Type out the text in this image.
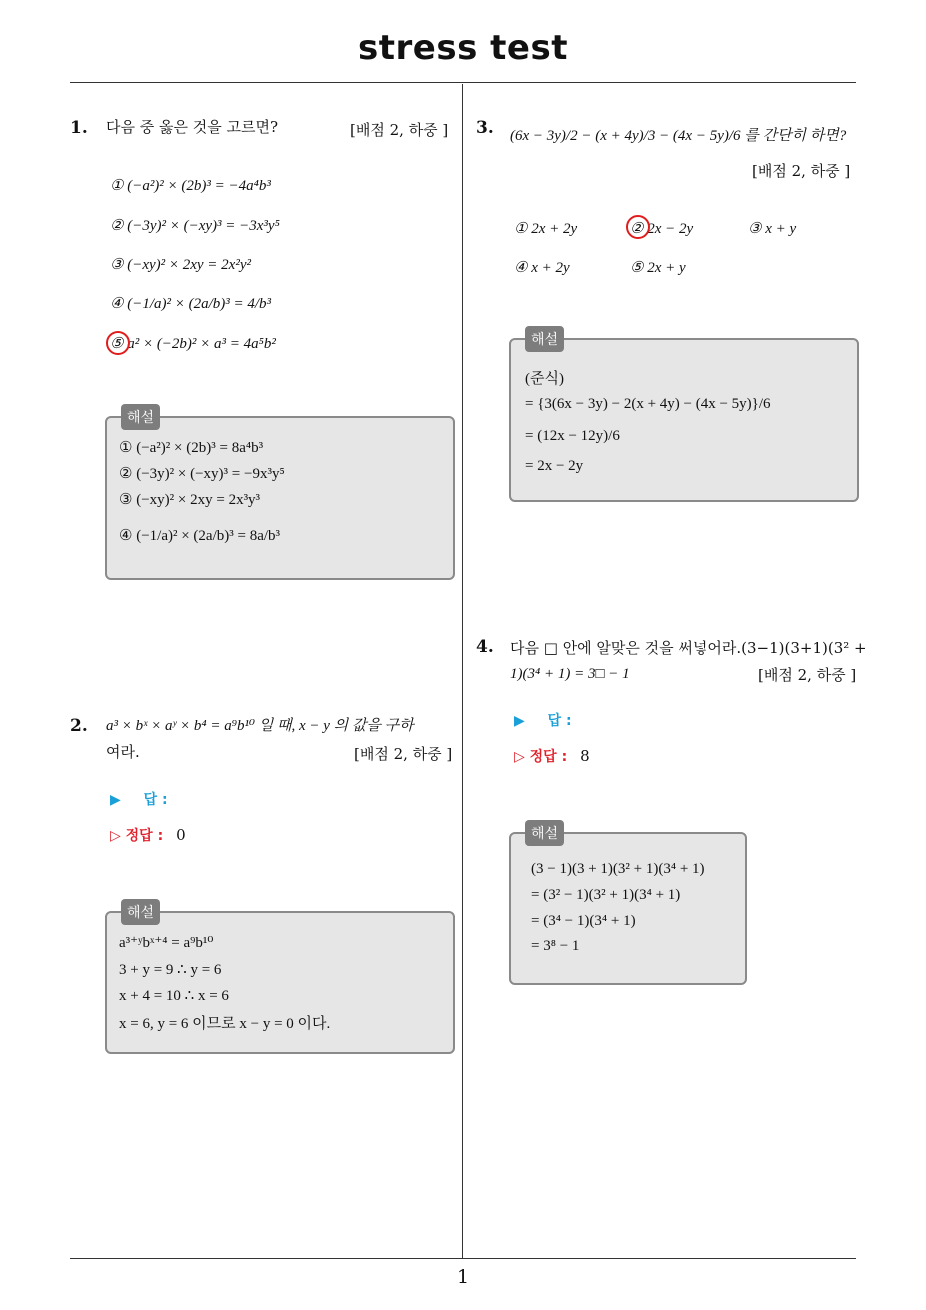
stress test
1. 다음 중 옳은 것을 고르면?	[배점 2, 하중 ]
① (−a²)² × (2b)³ = −4a⁴b³
② (−3y)² × (−xy)³ = −3x³y⁵
③ (−xy)² × 2xy = 2x²y²
④ (−1/a)² × (2a/b)³ = 4/b³
⑤ a² × (−2b)² × a³ = 4a⁵b²
해설
① (−a²)² × (2b)³ = 8a⁴b³
② (−3y)² × (−xy)³ = −9x³y⁵
③ (−xy)² × 2xy = 2x³y³
④ (−1/a)² × (2a/b)³ = 8a/b³
2. a³ × bˣ × aʸ × b⁴ = a⁹b¹⁰ 일 때, x − y 의 값을 구하
여라.	[배점 2, 하중 ]
▶ 답 :
▷ 정답 : 0
해설
a³⁺ʸbˣ⁺⁴ = a⁹b¹⁰
3 + y = 9 ∴ y = 6
x + 4 = 10 ∴ x = 6
x = 6, y = 6 이므로 x − y = 0 이다.
3. (6x − 3y)/2 − (x + 4y)/3 − (4x − 5y)/6 를 간단히 하면?
[배점 2, 하중 ]
① 2x + 2y	② 2x − 2y	③ x + y
④ x + 2y	⑤ 2x + y
해설
(준식)
= {3(6x − 3y) − 2(x + 4y) − (4x − 5y)}/6
= (12x − 12y)/6
= 2x − 2y
4. 다음 □ 안에 알맞은 것을 써넣어라.(3−1)(3+1)(3² +
1)(3⁴ + 1) = 3□ − 1	[배점 2, 하중 ]
▶ 답 :
▷ 정답 : 8
해설
(3 − 1)(3 + 1)(3² + 1)(3⁴ + 1)
= (3² − 1)(3² + 1)(3⁴ + 1)
= (3⁴ − 1)(3⁴ + 1)
= 3⁸ − 1
1
